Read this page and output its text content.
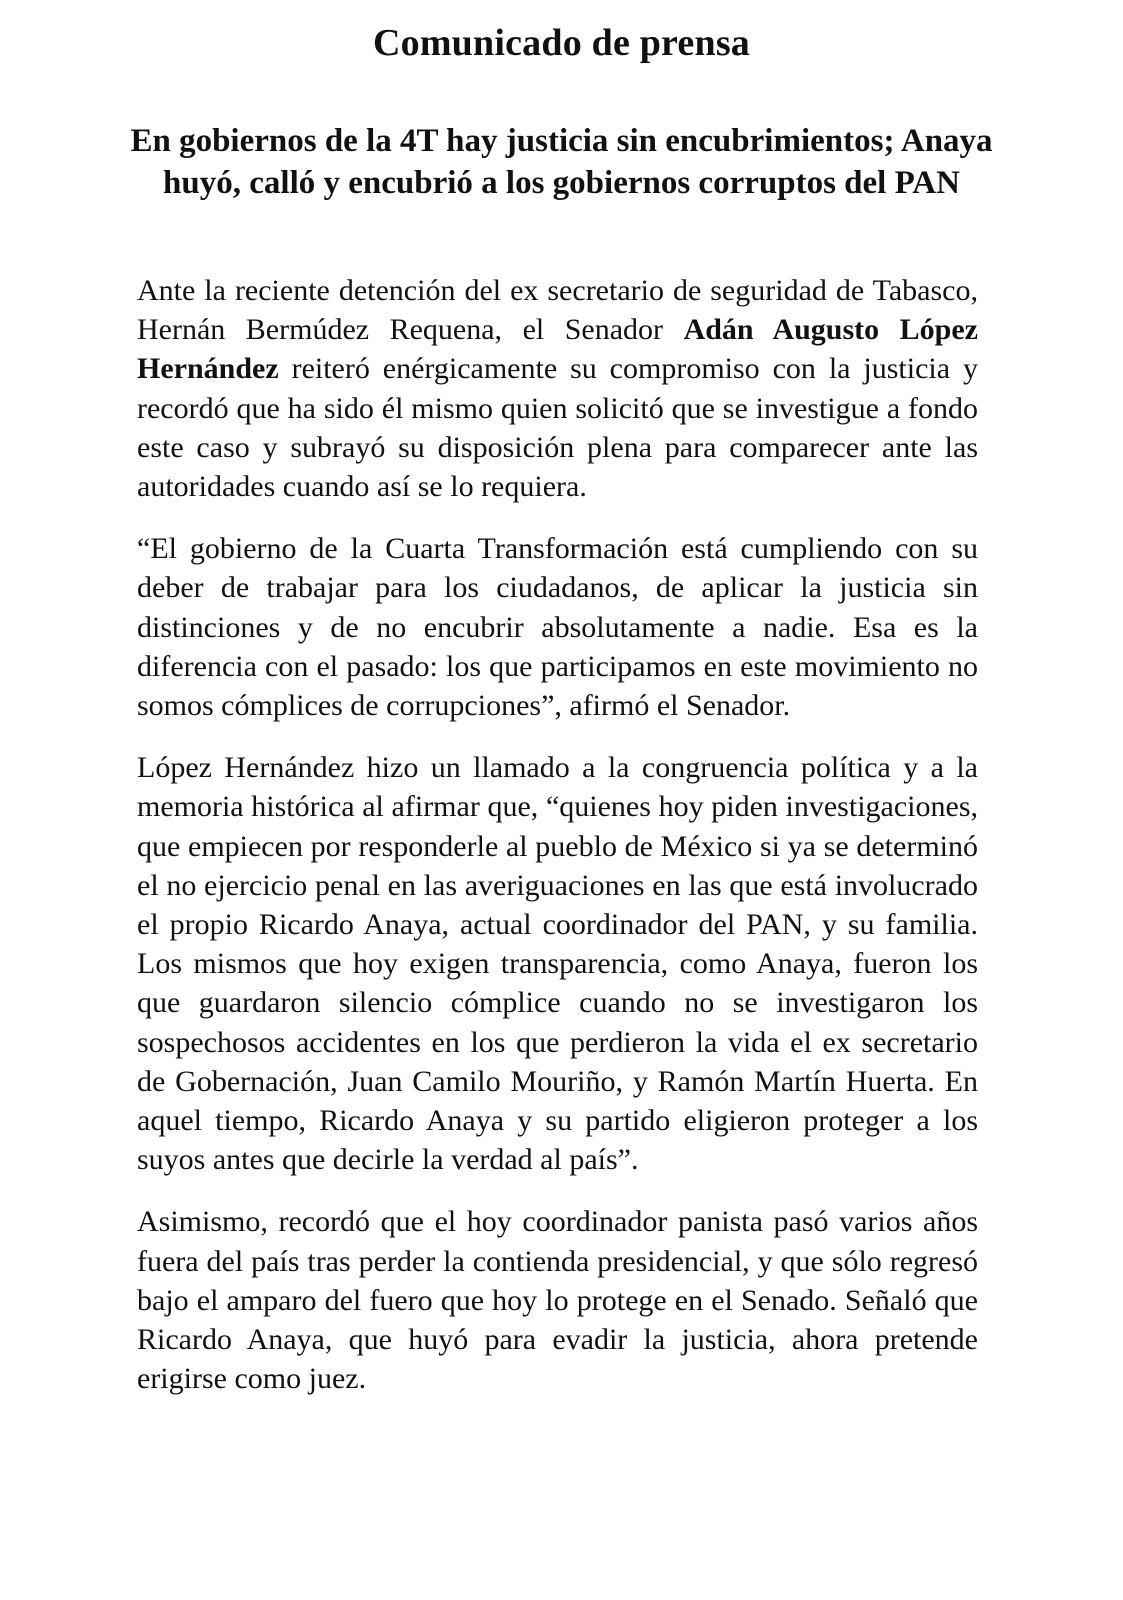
Comunicado de prensa
En gobiernos de la 4T hay justicia sin encubrimientos; Anaya huyó, calló y encubrió a los gobiernos corruptos del PAN

Ante la reciente detención del ex secretario de seguridad de Tabasco, Hernán Bermúdez Requena, el Senador Adán Augusto López Hernández reiteró enérgicamente su compromiso con la justicia y recordó que ha sido él mismo quien solicitó que se investigue a fondo este caso y subrayó su disposición plena para comparecer ante las autoridades cuando así se lo requiera.

“El gobierno de la Cuarta Transformación está cumpliendo con su deber de trabajar para los ciudadanos, de aplicar la justicia sin distinciones y de no encubrir absolutamente a nadie. Esa es la diferencia con el pasado: los que participamos en este movimiento no somos cómplices de corrupciones”, afirmó el Senador.

López Hernández hizo un llamado a la congruencia política y a la memoria histórica al afirmar que, “quienes hoy piden investigaciones, que empiecen por responderle al pueblo de México si ya se determinó el no ejercicio penal en las averiguaciones en las que está involucrado el propio Ricardo Anaya, actual coordinador del PAN, y su familia. Los mismos que hoy exigen transparencia, como Anaya, fueron los que guardaron silencio cómplice cuando no se investigaron los sospechosos accidentes en los que perdieron la vida el ex secretario de Gobernación, Juan Camilo Mouriño, y Ramón Martín Huerta. En aquel tiempo, Ricardo Anaya y su partido eligieron proteger a los suyos antes que decirle la verdad al país”.

Asimismo, recordó que el hoy coordinador panista pasó varios años fuera del país tras perder la contienda presidencial, y que sólo regresó bajo el amparo del fuero que hoy lo protege en el Senado. Señaló que Ricardo Anaya, que huyó para evadir la justicia, ahora pretende erigirse como juez.
